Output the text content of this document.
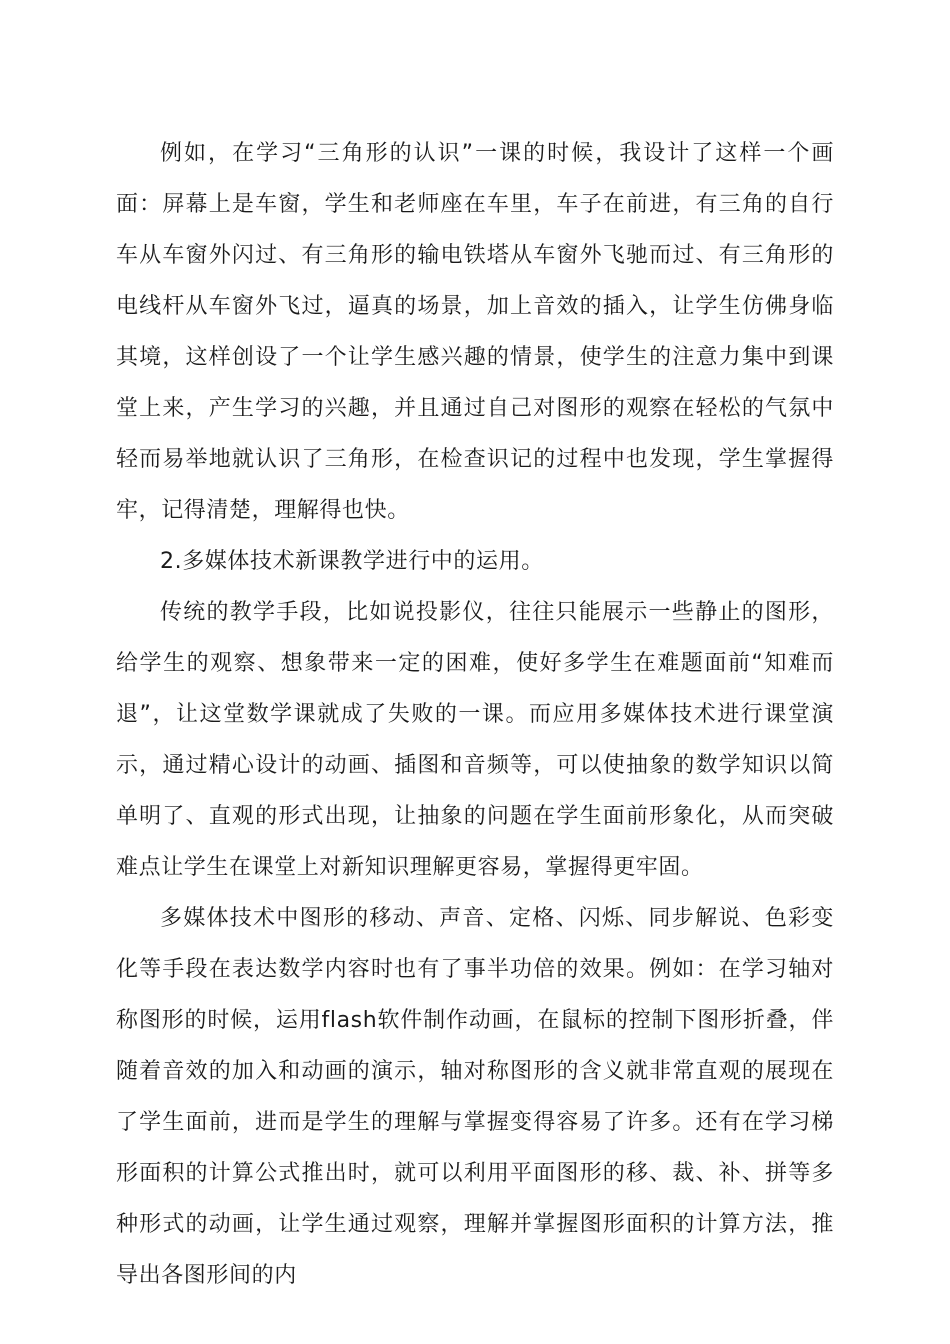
例如，在学习“三角形的认识”一课的时候，我设计了这样一个画面：屏幕上是车窗，学生和老师座在车里，车子在前进，有三角的自行车从车窗外闪过、有三角形的输电铁塔从车窗外飞驰而过、有三角形的电线杆从车窗外飞过，逼真的场景，加上音效的插入，让学生仿佛身临其境，这样创设了一个让学生感兴趣的情景，使学生的注意力集中到课堂上来，产生学习的兴趣，并且通过自己对图形的观察在轻松的气氛中轻而易举地就认识了三角形，在检查识记的过程中也发现，学生掌握得牢，记得清楚，理解得也快。

2.多媒体技术新课教学进行中的运用。

传统的教学手段，比如说投影仪，往往只能展示一些静止的图形，给学生的观察、想象带来一定的困难，使好多学生在难题面前“知难而退”，让这堂数学课就成了失败的一课。而应用多媒体技术进行课堂演示，通过精心设计的动画、插图和音频等，可以使抽象的数学知识以简单明了、直观的形式出现，让抽象的问题在学生面前形象化，从而突破难点让学生在课堂上对新知识理解更容易，掌握得更牢固。

多媒体技术中图形的移动、声音、定格、闪烁、同步解说、色彩变化等手段在表达数学内容时也有了事半功倍的效果。例如：在学习轴对称图形的时候，运用flash软件制作动画，在鼠标的控制下图形折叠，伴随着音效的加入和动画的演示，轴对称图形的含义就非常直观的展现在了学生面前，进而是学生的理解与掌握变得容易了许多。还有在学习梯形面积的计算公式推出时，就可以利用平面图形的移、裁、补、拼等多种形式的动画，让学生通过观察，理解并掌握图形面积的计算方法，推导出各图形间的内
